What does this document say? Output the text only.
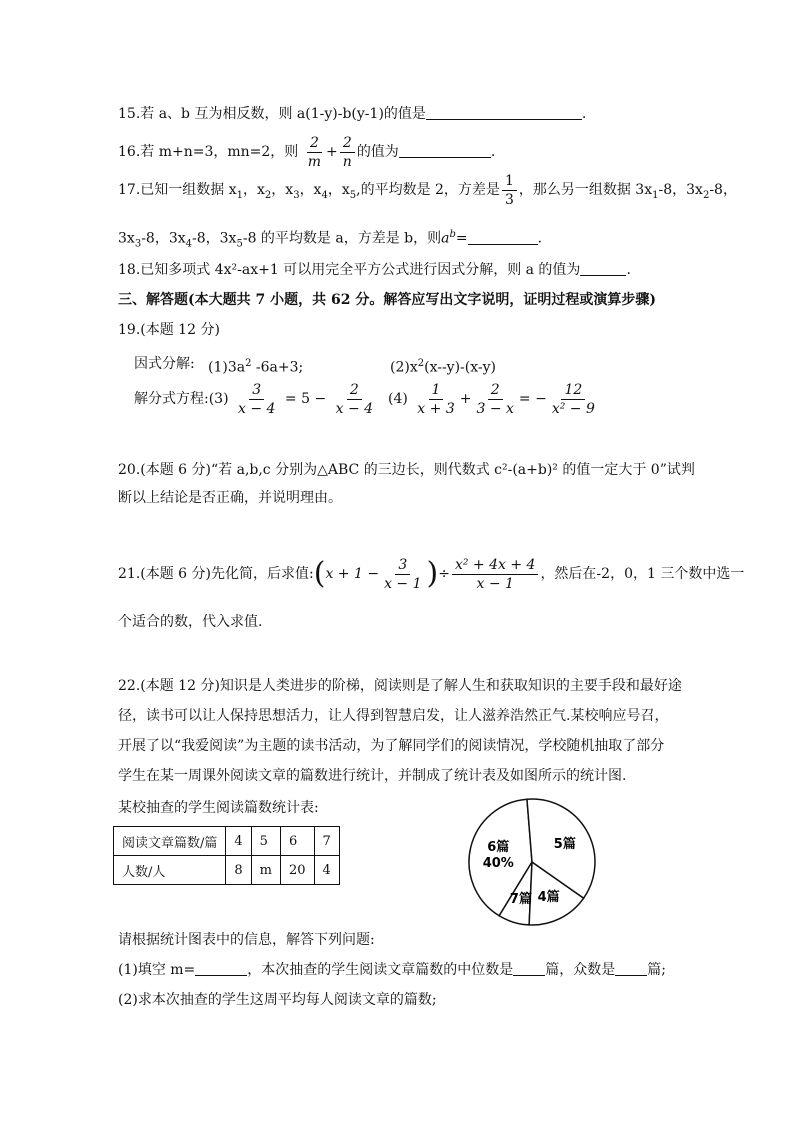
15.若 a、b 互为相反数，则 a(1-y)-b(y-1)的值是	.
16.若 m+n=3，mn=2，则 $\frac{2}{m} + \frac{2}{n}$ 的值为	.
17.已知一组数据 $x_1$，$x_2$，$x_3$，$x_4$，$x_5$,的平均数是 2，方差是 $\frac{1}{3}$ ，那么另一组数据 $3x_1-8$，$3x_2-8$，
$3x_3-8$，$3x_4-8$，$3x_5-8$ 的平均数是 a，方差是 b，则$a^b=$	.
18.已知多项式 4x²-ax+1 可以用完全平方公式进行因式分解，则 a 的值为	.
三、解答题(本大题共 7 小题，共 62 分。解答应写出文字说明，证明过程或演算步骤)
19.(本题 12 分)
因式分解: $(1)3a^2$ -6a+3;	$(2)x^2(x--y)-(x-y)$
解分式方程:(3) $\frac{3}{x - 4} = 5 - \frac{2}{x - 4} (4) \frac{1}{x + 3} + \frac{2}{3 - x}$ = − $\frac{12}{\text{x² − 9}}$
20.(本题 6 分)“若 a,b,c 分别为△ABC 的三边长，则代数式 c²-(a+b)² 的值一定大于 0”试判
断以上结论是否正确，并说明理由。
21.(本题 6 分)先化简，后求值:(x + $1 - \frac{3}{x - 1}$ )÷ $\frac{\text{x² + 4x + 4}}{x - 1}$ ，然后在-2，0，1 三个数中选一
个适合的数，代入求值.
22.(本题 12 分)知识是人类进步的阶梯，阅读则是了解人生和获取知识的主要手段和最好途
径，读书可以让人保持思想活力，让人得到智慧启发，让人滋养浩然正气.某校响应号召，
开展了以“我爱阅读”为主题的读书活动，为了解同学们的阅读情况，学校随机抽取了部分
学生在某一周课外阅读文章的篇数进行统计，并制成了统计表及如图所示的统计图.
某校抽查的学生阅读篇数统计表:
阅读文章篇数/篇	4	5	6	7
人数/人	8	m	20	4
6篇
40%
7篇 4篇
5篇
请根据统计图表中的信息，解答下列问题:
(1)填空 m=	，本次抽查的学生阅读文章篇数的中位数是 篇，众数是 篇;
(2)求本次抽查的学生这周平均每人阅读文章的篇数;
